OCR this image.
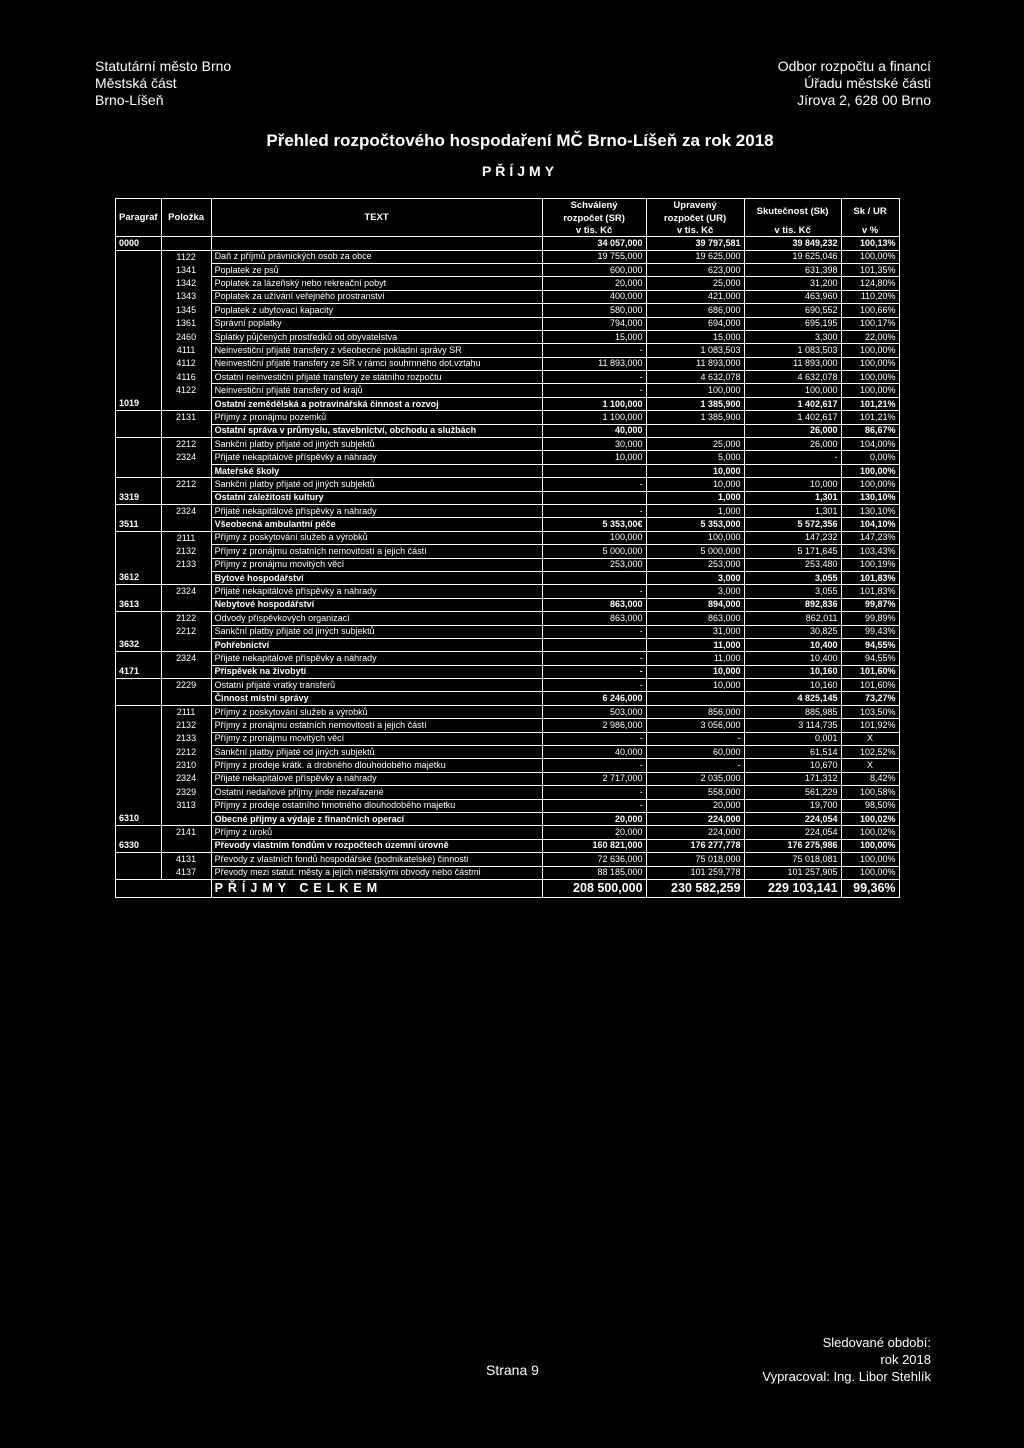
Statutární město Brno
Městská část
Brno-Líšeň
Odbor rozpočtu a financí
Úřadu městské části
Jírova 2, 628 00 Brno
Přehled rozpočtového hospodaření MČ Brno-Líšeň za rok 2018
PŘÍJMY
Paragraf	Položka	TEXT	Schválený	Upravený	Skutečnost (Sk)	Sk / UR
			rozpočet (SR)	rozpočet (UR)		
			v tis. Kč	v tis. Kč	v tis. Kč	v %
0000			34 057,000	39 797,581	39 849,232	100,13%
	1122	Daň z příjmů právnických osob za obce	19 755,000	19 625,000	19 625,046	100,00%
	1341	Poplatek ze psů	600,000	623,000	631,398	101,35%
	1342	Poplatek za lázeňský nebo rekreační pobyt	20,000	25,000	31,200	124,80%
	1343	Poplatek za užívání veřejného prostranství	400,000	421,000	463,960	110,20%
	1345	Poplatek z ubytovací kapacity	580,000	686,000	690,552	100,66%
	1361	Správní poplatky	794,000	694,000	695,195	100,17%
	2460	Splátky půjčených prostředků od obyvatelstva	15,000	15,000	3,300	22,00%
	4111	Neinvestiční přijaté transfery z všeobecné pokladní správy SR	-	1 083,503	1 083,503	100,00%
	4112	Neinvestiční přijaté transfery ze SR v rámci souhrnného dot.vztahu	11 893,000	11 893,000	11 893,000	100,00%
	4116	Ostatní neinvestiční přijaté transfery ze státního rozpočtu	-	4 632,078	4 632,078	100,00%
	4122	Neinvestiční přijaté transfery od krajů	-	100,000	100,000	100,00%
1019		Ostatní zemědělská a potravinářská činnost a rozvoj	1 100,000	1 385,900	1 402,617	101,21%
	2131	Příjmy z pronájmu pozemků	1 100,000	1 385,900	1 402,617	101,21%
		Ostatní správa v průmyslu, stavebnictví, obchodu a službách	40,000		26,000	86,67%
	2212	Sankční platby přijaté od jiných subjektů	30,000	25,000	26,000	104,00%
	2324	Přijaté nekapitálové příspěvky a náhrady	10,000	5,000	-	0,00%
		Mateřské školy		10,000		100,00%
	2212	Sankční platby přijaté od jiných subjektů	-	10,000	10,000	100,00%
3319		Ostatní záležitosti kultury		1,000	1,301	130,10%
	2324	Přijaté nekapitálové příspěvky a náhrady	-	1,000	1,301	130,10%
3511		Všeobecná ambulantní péče	5 353,00€	5 353,000	5 572,356	104,10%
	2111	Příjmy z poskytování služeb a výrobků	100,000	100,000	147,232	147,23%
	2132	Příjmy z pronájmu ostatních nemovitostí a jejich částí	5 000,000	5 000,000	5 171,645	103,43%
	2133	Příjmy z pronájmu movitých věcí	253,000	253,000	253,480	100,19%
3612		Bytové hospodářství		3,000	3,055	101,83%
	2324	Přijaté nekapitálové příspěvky a náhrady	-	3,000	3,055	101,83%
3613		Nebytové hospodářství	863,000	894,000	892,836	99,87%
	2122	Odvody příspěvkových organizací	863,000	863,000	862,011	99,89%
	2212	Sankční platby přijaté od jiných subjektů	-	31,000	30,825	99,43%
3632		Pohřebnictví		11,000	10,400	94,55%
	2324	Přijaté nekapitálové příspěvky a náhrady	-	11,000	10,400	94,55%
4171		Příspěvek na živobytí	-	10,000	10,160	101,60%
	2229	Ostatní přijaté vratky transferů	-	10,000	10,160	101,60%
		Činnost místní správy	6 246,000		4 825,145	73,27%
	2111	Příjmy z poskytování služeb a výrobků	503,000	856,000	885,985	103,50%
	2132	Příjmy z pronájmu ostatních nemovitostí a jejich částí	2 986,000	3 056,000	3 114,735	101,92%
	2133	Příjmy z pronájmu movitých věcí	-	-	0,001	X
	2212	Sankční platby přijaté od jiných subjektů	40,000	60,000	61,514	102,52%
	2310	Příjmy z prodeje krátk. a drobného dlouhodobého majetku	-	-	10,670	X
	2324	Přijaté nekapitálové příspěvky a náhrady	2 717,000	2 035,000	171,312	8,42%
	2329	Ostatní nedaňové příjmy jinde nezařazené	-	558,000	561,229	100,58%
	3113	Příjmy z prodeje ostatního hmotného dlouhodobého majetku	-	20,000	19,700	98,50%
6310		Obecné příjmy a výdaje z finančních operací	20,000	224,000	224,054	100,02%
	2141	Příjmy z úroků	20,000	224,000	224,054	100,02%
6330		Převody vlastním fondům v rozpočtech územní úrovně	160 821,000	176 277,778	176 275,986	100,00%
	4131	Převody z vlastních fondů hospodářské (podnikatelské) činnosti	72 636,000	75 018,000	75 018,081	100,00%
	4137	Převody mezi statut. městy a jejich městskými obvody nebo částmi	88 185,000	101 259,778	101 257,905	100,00%
		PŘÍJMY CELKEM	208 500,000	230 582,259	229 103,141	99,36%
Strana 9
Sledované období:
rok 2018
Vypracoval: Ing. Libor Stehlík
